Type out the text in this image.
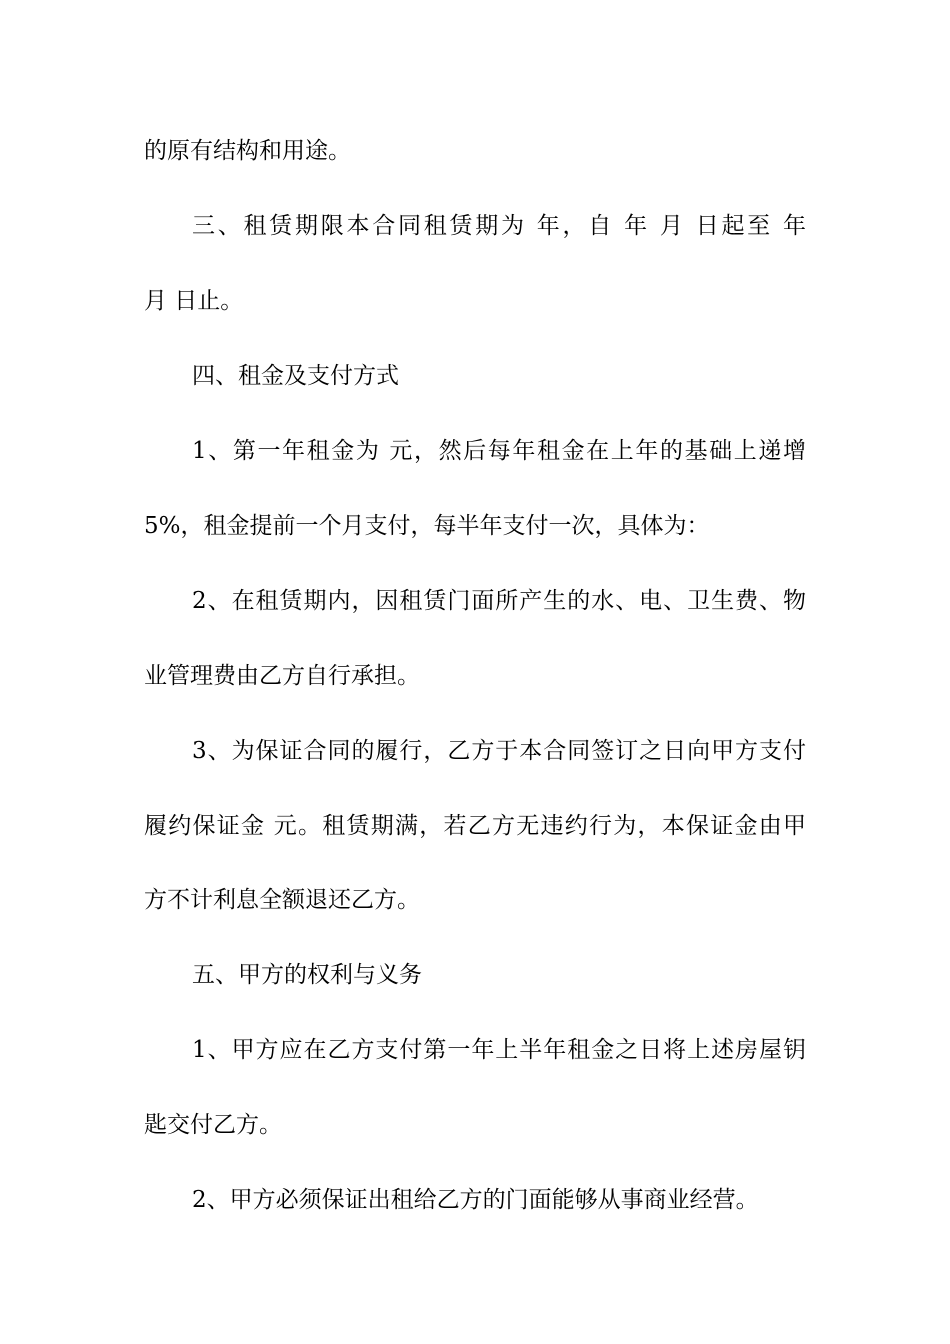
的原有结构和用途。
三、租赁期限本合同租赁期为 年，自 年 月 日起至 年
月 日止。
四、租金及支付方式
1、第一年租金为 元，然后每年租金在上年的基础上递增
5%，租金提前一个月支付，每半年支付一次，具体为：
2、在租赁期内，因租赁门面所产生的水、电、卫生费、物
业管理费由乙方自行承担。
3、为保证合同的履行，乙方于本合同签订之日向甲方支付
履约保证金 元。租赁期满，若乙方无违约行为，本保证金由甲
方不计利息全额退还乙方。
五、甲方的权利与义务
1、甲方应在乙方支付第一年上半年租金之日将上述房屋钥
匙交付乙方。
2、甲方必须保证出租给乙方的门面能够从事商业经营。
